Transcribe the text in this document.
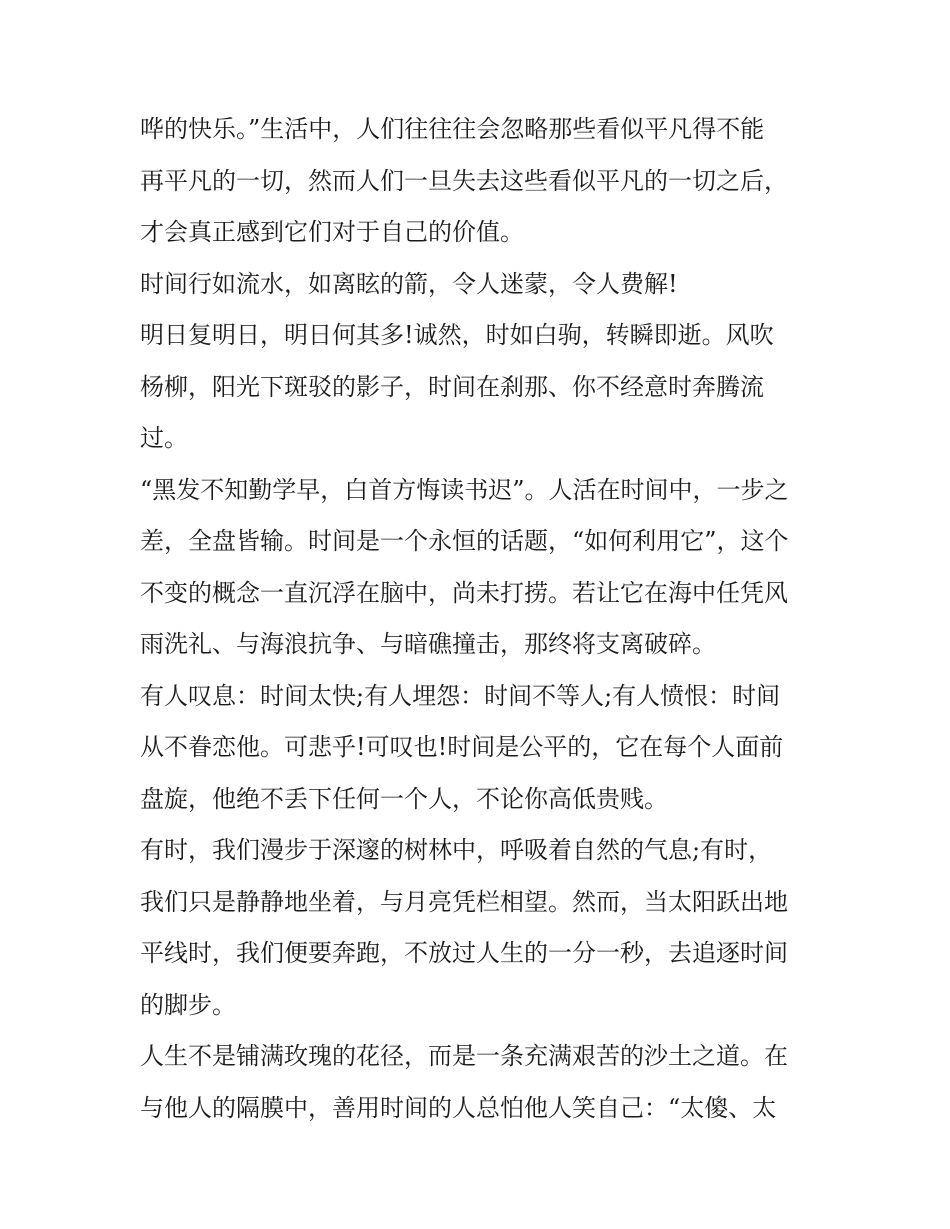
哗的快乐。”生活中，人们往往往会忽略那些看似平凡得不能
再平凡的一切，然而人们一旦失去这些看似平凡的一切之后，
才会真正感到它们对于自己的价值。
时间行如流水，如离眩的箭，令人迷蒙，令人费解!
明日复明日，明日何其多!诚然，时如白驹，转瞬即逝。风吹
杨柳，阳光下斑驳的影子，时间在刹那、你不经意时奔腾流
过。
“黑发不知勤学早，白首方悔读书迟”。人活在时间中，一步之
差，全盘皆输。时间是一个永恒的话题，“如何利用它”，这个
不变的概念一直沉浮在脑中，尚未打捞。若让它在海中任凭风
雨洗礼、与海浪抗争、与暗礁撞击，那终将支离破碎。
有人叹息：时间太快;有人埋怨：时间不等人;有人愤恨：时间
从不眷恋他。可悲乎!可叹也!时间是公平的，它在每个人面前
盘旋，他绝不丢下任何一个人，不论你高低贵贱。
有时，我们漫步于深邃的树林中，呼吸着自然的气息;有时，
我们只是静静地坐着，与月亮凭栏相望。然而，当太阳跃出地
平线时，我们便要奔跑，不放过人生的一分一秒，去追逐时间
的脚步。
人生不是铺满玫瑰的花径，而是一条充满艰苦的沙土之道。在
与他人的隔膜中，善用时间的人总怕他人笑自己：“太傻、太
